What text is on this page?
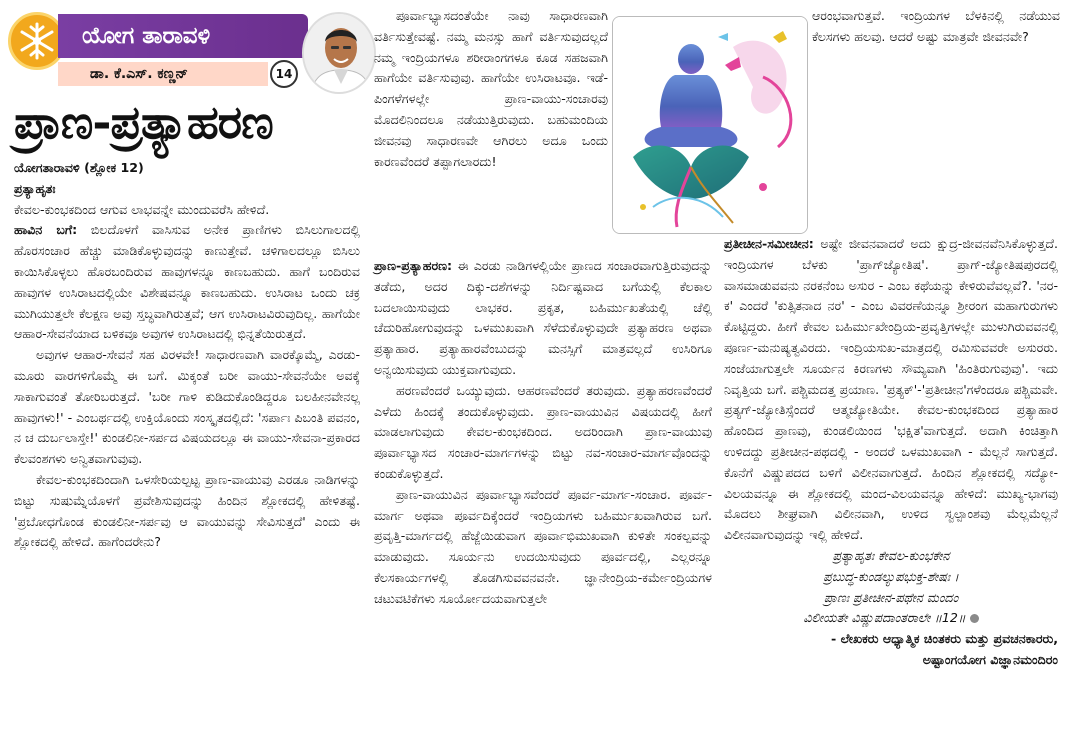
ಯೋಗ ತಾರಾವಳಿ
ಡಾ. ಕೆ.ಎಸ್. ಕಣ್ಣನ್	14
ಪ್ರಾಣ-ಪ್ರತ್ಯಾಹರಣ

ಯೋಗತಾರಾವಳಿ (ಶ್ಲೋಕ 12)

ಪ್ರತ್ಯಾಹೃತಃ

ಕೇವಲ-ಕುಂಭಕದಿಂದ ಆಗುವ ಲಾಭವನ್ನೇ ಮುಂದುವರೆಸಿ ಹೇಳಿದೆ.

ಹಾವಿನ ಬಗೆ: ಬಿಲದೊಳಗೆ ವಾಸಿಸುವ ಅನೇಕ ಪ್ರಾಣಿಗಳು ಬಿಸಿಲುಗಾಲದಲ್ಲಿ ಹೊರಸಂಚಾರ ಹೆಚ್ಚು ಮಾಡಿಕೊಳ್ಳುವುದನ್ನು ಕಾಣುತ್ತೇವೆ. ಚಳಿಗಾಲದಲ್ಲೂ ಬಿಸಿಲು ಕಾಯಿಸಿಕೊಳ್ಳಲು ಹೊರಬಂದಿರುವ ಹಾವುಗಳನ್ನೂ ಕಾಣಬಹುದು. ಹಾಗೆ ಬಂದಿರುವ ಹಾವುಗಳ ಉಸಿರಾಟದಲ್ಲಿಯೇ ವಿಶೇಷವನ್ನೂ ಕಾಣಬಹುದು. ಉಸಿರಾಟ ಒಂದು ಚಕ್ರ ಮುಗಿಯುತ್ತಲೇ ಕೆಲಕ್ಷಣ ಅವು ಸ್ತಬ್ಧವಾಗಿರುತ್ತವೆ; ಆಗ ಉಸಿರಾಟವಿರುವುದಿಲ್ಲ. ಹಾಗೆಯೇ ಆಹಾರ-ಸೇವನೆಯಾದ ಬಳಿಕವೂ ಅವುಗಳ ಉಸಿರಾಟದಲ್ಲಿ ಭಿನ್ನತೆಯಿರುತ್ತದೆ.

ಅವುಗಳ ಆಹಾರ-ಸೇವನೆ ಸಹ ವಿರಳವೇ! ಸಾಧಾರಣವಾಗಿ ವಾರಕ್ಕೊಮ್ಮೆ, ಎರಡು-ಮೂರು ವಾರಗಳಿಗೊಮ್ಮೆ ಈ ಬಗೆ. ಮಿಕ್ಕಂತೆ ಬರೀ ವಾಯು-ಸೇವನೆಯೇ ಅವಕ್ಕೆ ಸಾಕಾಗುವಂತೆ ತೋರಿಬರುತ್ತದೆ. 'ಬರೀ ಗಾಳಿ ಕುಡಿದುಕೊಂಡಿದ್ದರೂ ಬಲಹೀನವೇನಲ್ಲ ಹಾವುಗಳು!' - ಎಂಬರ್ಥದಲ್ಲಿ ಉಕ್ತಿಯೊಂದು ಸಂಸ್ಕೃತದಲ್ಲಿದೆ: 'ಸರ್ಪಾಃ ಪಿಬಂತಿ ಪವನಂ, ನ ಚ ದುರ್ಬಲಾಸ್ತೇ!' ಕುಂಡಲಿನೀ-ಸರ್ಪದ ವಿಷಯದಲ್ಲೂ ಈ ವಾಯು-ಸೇವನಾ-ಪ್ರಕಾರದ ಕೆಲವಂಶಗಳು ಅನ್ವಿತವಾಗುವುವು.

ಕೇವಲ-ಕುಂಭಕದಿಂದಾಗಿ ಒಳಸೇರಿಯಲ್ಪಟ್ಟ ಪ್ರಾಣ-ವಾಯುವು ಎರಡೂ ನಾಡಿಗಳನ್ನು ಬಿಟ್ಟು ಸುಷುಮ್ನೆಯೊಳಗೆ ಪ್ರವೇಶಿಸುವುದನ್ನು ಹಿಂದಿನ ಶ್ಲೋಕದಲ್ಲಿ ಹೇಳಿತಷ್ಟೆ. 'ಪ್ರಬೋಧಗೊಂಡ ಕುಂಡಲಿನೀ-ಸರ್ಪವು ಆ ವಾಯುವನ್ನು ಸೇವಿಸುತ್ತದೆ' ಎಂದು ಈ ಶ್ಲೋಕದಲ್ಲಿ ಹೇಳಿದೆ. ಹಾಗೆಂದರೇನು?

ಪೂರ್ವಾಭ್ಯಾಸದಂತೆಯೇ ನಾವು ಸಾಧಾರಣವಾಗಿ ವರ್ತಿಸುತ್ತೇವಷ್ಟೆ. ನಮ್ಮ ಮನಸ್ಸು ಹಾಗೆ ವರ್ತಿಸುವುದಲ್ಲದೆ ನಮ್ಮ ಇಂದ್ರಿಯಗಳೂ ಶರೀರಾಂಗಗಳೂ ಕೂಡ ಸಹಜವಾಗಿ ಹಾಗೆಯೇ ವರ್ತಿಸುವುವು. ಹಾಗೆಯೇ ಉಸಿರಾಟವೂ. ಇಡೆ-ಪಿಂಗಳೆಗಳಲ್ಲೇ ಪ್ರಾಣ-ವಾಯು-ಸಂಚಾರವು ಮೊದಲಿನಿಂದಲೂ ನಡೆಯುತ್ತಿರುವುದು. ಬಹುಮಂದಿಯ ಜೀವನವು ಸಾಧಾರಣವೇ ಆಗಿರಲು ಅದೂ ಒಂದು ಕಾರಣವೆಂದರೆ ತಪ್ಪಾಗಲಾರದು!

ಪ್ರಾಣ-ಪ್ರತ್ಯಾಹರಣ: ಈ ಎರಡು ನಾಡಿಗಳಲ್ಲಿಯೇ ಪ್ರಾಣದ ಸಂಚಾರವಾಗುತ್ತಿರುವುದನ್ನು ತಡೆದು, ಅದರ ದಿಕ್ಕು-ದಶೆಗಳನ್ನು ನಿರ್ದಿಷ್ಟವಾದ ಬಗೆಯಲ್ಲಿ ಕೆಲಕಾಲ ಬದಲಾಯಿಸುವುದು ಲಾಭಕರ. ಪ್ರಕೃತ, ಬಹಿರ್ಮುಖತೆಯಲ್ಲಿ ಚೆಲ್ಲಿ ಚೆದುರಿಹೋಗುವುದನ್ನು ಒಳಮುಖವಾಗಿ ಸೆಳೆದುಕೊಳ್ಳುವುದೇ ಪ್ರತ್ಯಾಹರಣ ಅಥವಾ ಪ್ರತ್ಯಾಹಾರ. ಪ್ರತ್ಯಾಹಾರವೆಂಬುದನ್ನು ಮನಸ್ಸಿಗೆ ಮಾತ್ರವಲ್ಲದೆ ಉಸಿರಿಗೂ ಅನ್ವಯಿಸುವುದು ಯುಕ್ತವಾಗುವುದು.

ಹರಣವೆಂದರೆ ಒಯ್ಯುವುದು. ಆಹರಣವೆಂದರೆ ತರುವುದು. ಪ್ರತ್ಯಾಹರಣವೆಂದರೆ ಎಳೆದು ಹಿಂದಕ್ಕೆ ತಂದುಕೊಳ್ಳುವುದು. ಪ್ರಾಣ-ವಾಯುವಿನ ವಿಷಯದಲ್ಲಿ ಹೀಗೆ ಮಾಡಲಾಗುವುದು ಕೇವಲ-ಕುಂಭಕದಿಂದ. ಅದರಿಂದಾಗಿ ಪ್ರಾಣ-ವಾಯುವು ಪೂರ್ವಾಭ್ಯಾಸದ ಸಂಚಾರ-ಮಾರ್ಗಗಳನ್ನು ಬಿಟ್ಟು ನವ-ಸಂಚಾರ-ಮಾರ್ಗವೊಂದನ್ನು ಕಂಡುಕೊಳ್ಳುತ್ತದೆ.

ಪ್ರಾಣ-ವಾಯುವಿನ ಪೂರ್ವಾಭ್ಯಾಸವೆಂದರೆ ಪೂರ್ವ-ಮಾರ್ಗ-ಸಂಚಾರ. ಪೂರ್ವ-ಮಾರ್ಗ ಅಥವಾ ಪೂರ್ವದಿಕ್ಕೆಂದರೆ ಇಂದ್ರಿಯಗಳು ಬಹಿರ್ಮುಖವಾಗಿರುವ ಬಗೆ. ಪ್ರವೃತ್ತಿ-ಮಾರ್ಗದಲ್ಲಿ ಹೆಜ್ಜೆಯಿಡುವಾಗ ಪೂರ್ವಾಭಿಮುಖವಾಗಿ ಕುಳಿತೇ ಸಂಕಲ್ಪವನ್ನು ಮಾಡುವುದು. ಸೂರ್ಯನು ಉದಯಿಸುವುದು ಪೂರ್ವದಲ್ಲಿ, ಎಲ್ಲರನ್ನೂ ಕೆಲಸಕಾರ್ಯಗಳಲ್ಲಿ ತೊಡಗಿಸುವವನವನೇ. ಜ್ಞಾನೇಂದ್ರಿಯ-ಕರ್ಮೇಂದ್ರಿಯಗಳ ಚಟುವಟಿಕೆಗಳು ಸೂರ್ಯೋದಯವಾಗುತ್ತಲೇ

ಆರಂಭವಾಗುತ್ತವೆ. ಇಂದ್ರಿಯಗಳ ಬೆಳಕಿನಲ್ಲಿ ನಡೆಯುವ ಕೆಲಸಗಳು ಹಲವು. ಆದರೆ ಅಷ್ಟು ಮಾತ್ರವೇ ಜೀವನವೇ?

ಪ್ರತೀಚೀನ-ಸಮೀಚೀನ: ಅಷ್ಟೇ ಜೀವನವಾದರೆ ಅದು ಕ್ಷುದ್ರ-ಜೀವನವೆನಿಸಿಕೊಳ್ಳುತ್ತದೆ. ಇಂದ್ರಿಯಗಳ ಬೆಳಕು 'ಪ್ರಾಗ್‌ಜ್ಯೋತಿಷ'. ಪ್ರಾಗ್-ಜ್ಯೋತಿಷಪುರದಲ್ಲಿ ವಾಸಮಾಡುವವನು ನರಕನೆಂಬ ಅಸುರ - ಎಂಬ ಕಥೆಯನ್ನು ಕೇಳಿರುವೆವಲ್ಲವೆ?. 'ನರ-ಕ' ಎಂದರೆ 'ಕುತ್ಸಿತನಾದ ನರ' - ಎಂಬ ವಿವರಣೆಯನ್ನೂ ಶ್ರೀರಂಗ ಮಹಾಗುರುಗಳು ಕೊಟ್ಟಿದ್ದರು. ಹೀಗೆ ಕೇವಲ ಬಹಿರ್ಮುಖೇಂದ್ರಿಯ-ಪ್ರವೃತ್ತಿಗಳಲ್ಲೇ ಮುಳುಗಿರುವವನಲ್ಲಿ ಪೂರ್ಣ-ಮನುಷ್ಯತ್ವವಿರದು. ಇಂದ್ರಿಯಸುಖ-ಮಾತ್ರದಲ್ಲಿ ರಮಿಸುವವರೇ ಅಸುರರು. ಸಂಜೆಯಾಗುತ್ತಲೇ ಸೂರ್ಯನ ಕಿರಣಗಳು ಸೌಮ್ಯವಾಗಿ 'ಹಿಂತಿರುಗುವುವು'. ಇದು ನಿವೃತ್ತಿಯ ಬಗೆ. ಪಶ್ಚಿಮದತ್ತ ಪ್ರಯಾಣ. 'ಪ್ರತ್ಯಕ್'-'ಪ್ರತೀಚೀನ'ಗಳೆಂದರೂ ಪಶ್ಚಿಮವೇ. ಪ್ರತ್ಯಗ್-ಜ್ಯೋತಿಸ್ಸೆಂದರೆ ಆತ್ಮಜ್ಯೋತಿಯೇ. ಕೇವಲ-ಕುಂಭಕದಿಂದ ಪ್ರತ್ಯಾಹಾರ ಹೊಂದಿದ ಪ್ರಾಣವು, ಕುಂಡಲಿಯಿಂದ 'ಭಕ್ಷಿತ'ವಾಗುತ್ತದೆ. ಅದಾಗಿ ಕಿಂಚಿತ್ತಾಗಿ ಉಳಿದದ್ದು ಪ್ರತೀಚೀನ-ಪಥದಲ್ಲಿ - ಅಂದರೆ ಒಳಮುಖವಾಗಿ - ಮೆಲ್ಲನೆ ಸಾಗುತ್ತದೆ. ಕೊನೆಗೆ ವಿಷ್ಣುಪದದ ಬಳಿಗೆ ವಿಲೀನವಾಗುತ್ತದೆ. ಹಿಂದಿನ ಶ್ಲೋಕದಲ್ಲಿ ಸದ್ಯೋ-ವಿಲಯವನ್ನೂ ಈ ಶ್ಲೋಕದಲ್ಲಿ ಮಂದ-ವಿಲಯವನ್ನೂ ಹೇಳಿದೆ: ಮುಖ್ಯ-ಭಾಗವು ಮೊದಲು ಶೀಘ್ರವಾಗಿ ವಿಲೀನವಾಗಿ, ಉಳಿದ ಸ್ವಲ್ಪಾಂಶವು ಮೆಲ್ಲಮೆಲ್ಲನೆ ವಿಲೀನವಾಗುವುದನ್ನು ಇಲ್ಲಿ ಹೇಳಿದೆ.

ಪ್ರತ್ಯಾಹೃತಃ ಕೇವಲ-ಕುಂಭಕೇನ

ಪ್ರಬುದ್ಧ-ಕುಂಡಲ್ಯುಪಭುಕ್ತ-ಶೇಷಃ ।

ಪ್ರಾಣಃ ಪ್ರತೀಚೀನ-ಪಥೇನ ಮಂದಂ

ವಿಲೀಯತೇ ವಿಷ್ಣುಪದಾಂತರಾಲೇ ॥12॥

- ಲೇಖಕರು ಆಧ್ಯಾತ್ಮಿಕ ಚಿಂತಕರು ಮತ್ತು ಪ್ರವಚನಕಾರರು,

ಅಷ್ಟಾಂಗಯೋಗ ವಿಜ್ಞಾನಮಂದಿರಂ
